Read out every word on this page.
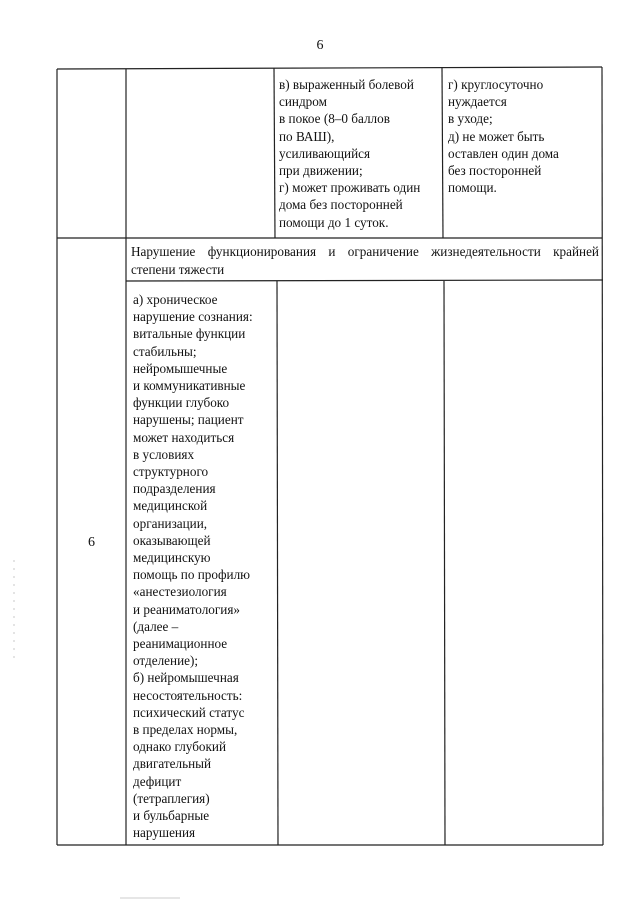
6
в) выраженный болевой
синдром
в покое (8–0 баллов
по ВАШ),
усиливающийся
при движении;
г) может проживать один
дома без посторонней
помощи до 1 суток.
г) круглосуточно
нуждается
в уходе;
д) не может быть
оставлен один дома
без посторонней
помощи.
6
Нарушение функционирования и ограничение жизнедеятельности крайней степени тяжести
а) хроническое
нарушение сознания:
витальные функции
стабильны;
нейромышечные
и коммуникативные
функции глубоко
нарушены; пациент
может находиться
в условиях
структурного
подразделения
медицинской
организации,
оказывающей
медицинскую
помощь по профилю
«анестезиология
и реаниматология»
(далее –
реанимационное
отделение);
б) нейромышечная
несостоятельность:
психический статус
в пределах нормы,
однако глубокий
двигательный
дефицит
(тетраплегия)
и бульбарные
нарушения
